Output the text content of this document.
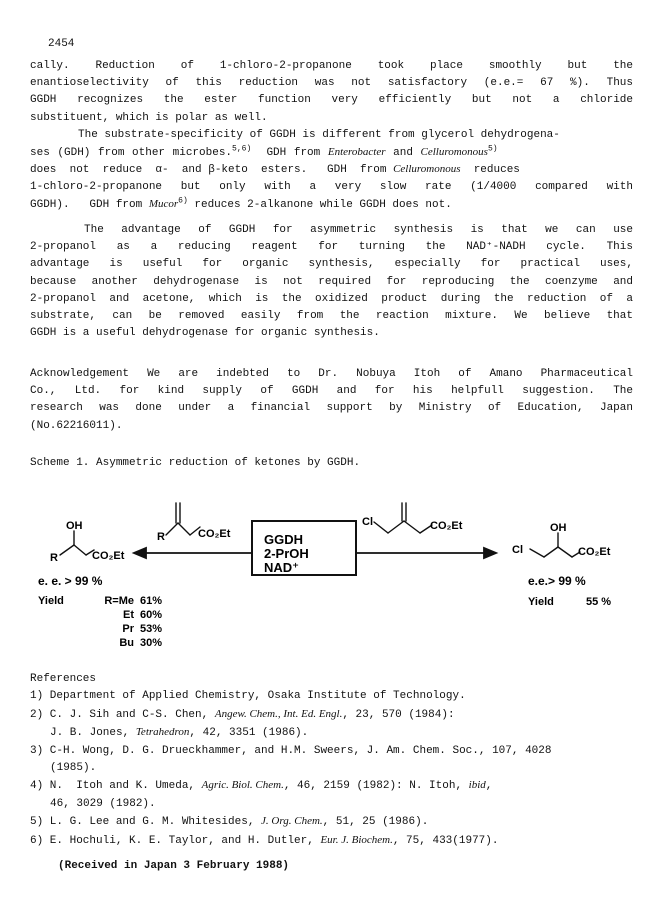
2454
cally. Reduction of 1-chloro-2-propanone took place smoothly but the
enantioselectivity of this reduction was not satisfactory (e.e.= 67 %). Thus
GGDH recognizes the ester function very efficiently but not a chloride
substituent, which is polar as well.
The substrate-specificity of GGDH is different from glycerol dehydrogena-
ses (GDH) from other microbes.$^{5,6)}$  GDH from Enterobacter and Celluromonous$^{5)}$
does  not  reduce  α-  and β-keto  esters.   GDH  from Celluromonous  reduces
1-chloro-2-propanone but only with a very slow rate (1/4000 compared with
GGDH).   GDH from Mucor$^{6)}$ reduces 2-alkanone while GGDH does not.
The advantage of GGDH for asymmetric synthesis is that we can use
2-propanol as a reducing reagent for turning the NAD⁺-NADH cycle. This
advantage is useful for organic synthesis, especially for practical uses,
because another dehydrogenase is not required for reproducing the coenzyme and
2-propanol and acetone, which is the oxidized product during the reduction of a
substrate, can be removed easily from the reaction mixture. We believe that
GGDH is a useful dehydrogenase for organic synthesis.
Acknowledgement We are indebted to Dr. Nobuya Itoh of Amano Pharmaceutical
Co., Ltd. for kind supply of GGDH and for his helpfull suggestion. The
research was done under a financial support by Ministry of Education, Japan
(No.62216011).
Scheme 1. Asymmetric reduction of ketones by GGDH.
GGDH
2-PrOH
NAD⁺
R	CO₂Et
OH
R	CO₂Et
e. e. > 99 %
Yield	R=Me 61%
Et 60%
Pr 53%
Bu 30%
Cl	CO₂Et	OH
Cl	CO₂Et
e.e.> 99 %
Yield	55 %
References
1) Department of Applied Chemistry, Osaka Institute of Technology.
2) C. J. Sih and C-S. Chen, Angew. Chem., Int. Ed. Engl., 23, 570 (1984):
J. B. Jones, Tetrahedron, 42, 3351 (1986).
3) C-H. Wong, D. G. Drueckhammer, and H.M. Sweers, J. Am. Chem. Soc., 107, 4028
(1985).
4) N.  Itoh and K. Umeda, Agric. Biol. Chem., 46, 2159 (1982): N. Itoh, ibid,
46, 3029 (1982).
5) L. G. Lee and G. M. Whitesides, J. Org. Chem., 51, 25 (1986).
6) E. Hochuli, K. E. Taylor, and H. Dutler, Eur. J. Biochem., 75, 433(1977).
(Received in Japan 3 February 1988)
